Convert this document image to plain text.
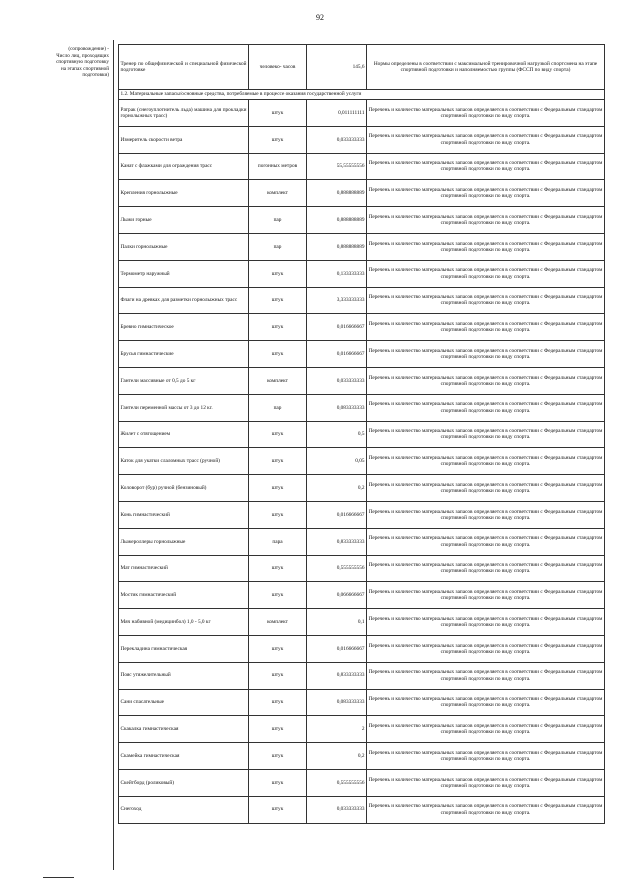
92
(сопровождение) -
Число лиц, проходящих
спортивную подготовку
на этапах спортивной
подготовки)
Тренер по общефизической и специальной физической подготовке	человеко- часов	145,6	Нормы определены в соответствии с максимальной тренировочной нагрузкой спортсмена на этапе спортивной подготовки и наполняемостью группы (ФССП по виду спорта)
1.2. Материальные запасы/основные средства, потребляемые в процессе оказания государственной услуги			
Ратрак (снегоуплотнитель льда) машина для прокладки горнолыжных трасс)	штук	0,011111111	Перечень и количество материальных запасов определяется в соответствии с Федеральным стандартом спортивной подготовки по виду спорта.
Измеритель скорости ветра	штук	0,033333333	Перечень и количество материальных запасов определяется в соответствии с Федеральным стандартом спортивной подготовки по виду спорта.
Канат с флажками для ограждения трасс	погонных метров	55,55555556	Перечень и количество материальных запасов определяется в соответствии с Федеральным стандартом спортивной подготовки по виду спорта.
Крепления горнолыжные	комплект	0,888888889	Перечень и количество материальных запасов определяется в соответствии с Федеральным стандартом спортивной подготовки по виду спорта.
Лыжи горные	пар	0,888888889	Перечень и количество материальных запасов определяется в соответствии с Федеральным стандартом спортивной подготовки по виду спорта.
Палки горнолыжные	пар	0,888888889	Перечень и количество материальных запасов определяется в соответствии с Федеральным стандартом спортивной подготовки по виду спорта.
Термометр наружный	штук	0,133333333	Перечень и количество материальных запасов определяется в соответствии с Федеральным стандартом спортивной подготовки по виду спорта.
Флаги на древках для разметки горнолыжных трасс	штук	3,333333333	Перечень и количество материальных запасов определяется в соответствии с Федеральным стандартом спортивной подготовки по виду спорта.
Бревно гимнастическое	штук	0,016666667	Перечень и количество материальных запасов определяется в соответствии с Федеральным стандартом спортивной подготовки по виду спорта.
Брусья гимнастические	штук	0,016666667	Перечень и количество материальных запасов определяется в соответствии с Федеральным стандартом спортивной подготовки по виду спорта.
Гантели массивные от 0,5 до 5 кг	комплект	0,033333333	Перечень и количество материальных запасов определяется в соответствии с Федеральным стандартом спортивной подготовки по виду спорта.
Гантели переменной массы от 3 до 12 кг.	пар	0,083333333	Перечень и количество материальных запасов определяется в соответствии с Федеральным стандартом спортивной подготовки по виду спорта.
Жилет с отягощением	штук	0,5	Перечень и количество материальных запасов определяется в соответствии с Федеральным стандартом спортивной подготовки по виду спорта.
Каток для укатки слаломных трасс (ручной)	штук	0,05	Перечень и количество материальных запасов определяется в соответствии с Федеральным стандартом спортивной подготовки по виду спорта.
Коловорот (бур) ручной (бензиновый)	штук	0,2	Перечень и количество материальных запасов определяется в соответствии с Федеральным стандартом спортивной подготовки по виду спорта.
Конь гимнастический	штук	0,016666667	Перечень и количество материальных запасов определяется в соответствии с Федеральным стандартом спортивной подготовки по виду спорта.
Лыжероллеры горнолыжные	пара	0,833333333	Перечень и количество материальных запасов определяется в соответствии с Федеральным стандартом спортивной подготовки по виду спорта.
Мат гимнастический	штук	0,555555556	Перечень и количество материальных запасов определяется в соответствии с Федеральным стандартом спортивной подготовки по виду спорта.
Мостик гимнастический	штук	0,066666667	Перечень и количество материальных запасов определяется в соответствии с Федеральным стандартом спортивной подготовки по виду спорта.
Мяч набивной (медицинбол) 1,0 - 5,0 кг	комплект	0,1	Перечень и количество материальных запасов определяется в соответствии с Федеральным стандартом спортивной подготовки по виду спорта.
Перекладина гимнастическая	штук	0,016666667	Перечень и количество материальных запасов определяется в соответствии с Федеральным стандартом спортивной подготовки по виду спорта.
Пояс утяжелительный	штук	0,833333333	Перечень и количество материальных запасов определяется в соответствии с Федеральным стандартом спортивной подготовки по виду спорта.
Сани спасательные	штук	0,083333333	Перечень и количество материальных запасов определяется в соответствии с Федеральным стандартом спортивной подготовки по виду спорта.
Скакалка гимнастическая	штук	2	Перечень и количество материальных запасов определяется в соответствии с Федеральным стандартом спортивной подготовки по виду спорта.
Скамейка гимнастическая	штук	0,2	Перечень и количество материальных запасов определяется в соответствии с Федеральным стандартом спортивной подготовки по виду спорта.
Скейтборд (роликовый)	штук	0,555555556	Перечень и количество материальных запасов определяется в соответствии с Федеральным стандартом спортивной подготовки по виду спорта.
Снегоход	штук	0,033333333	Перечень и количество материальных запасов определяется в соответствии с Федеральным стандартом спортивной подготовки по виду спорта.
